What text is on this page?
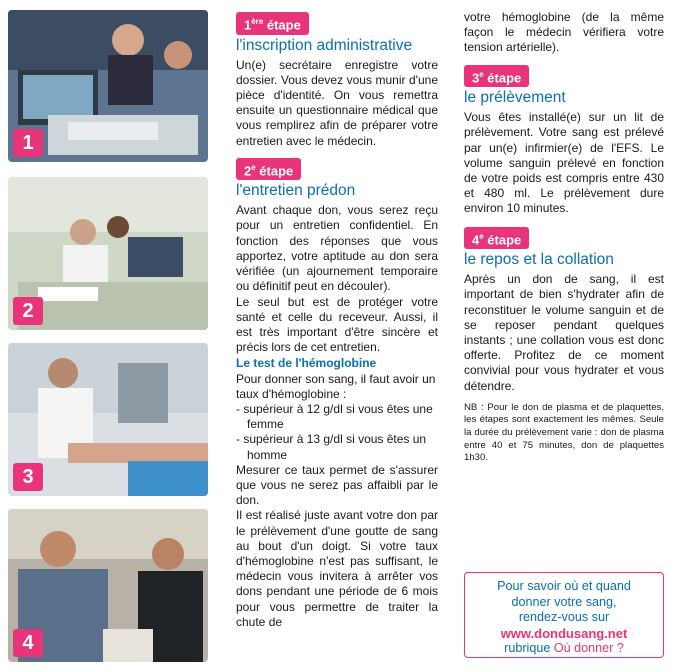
1
2
3
4
1ère étape
l'inscription administrative

Un(e) secrétaire enregistre votre dossier. Vous devez vous munir d'une pièce d'identité. On vous remettra ensuite un questionnaire médical que vous remplirez afin de préparer votre entretien avec le médecin.

2e étape
l'entretien prédon

Avant chaque don, vous serez reçu pour un entretien confidentiel. En fonction des réponses que vous apportez, votre aptitude au don sera vérifiée (un ajournement temporaire ou définitif peut en découler).

Le seul but est de protéger votre santé et celle du receveur. Aussi, il est très important d'être sincère et précis lors de cet entretien.

Le test de l'hémoglobine

Pour donner son sang, il faut avoir un taux d'hémoglobine :

- supérieur à 12 g/dl si vous êtes une femme
- supérieur à 13 g/dl si vous êtes un homme

Mesurer ce taux permet de s'assurer que vous ne serez pas affaibli par le don.

Il est réalisé juste avant votre don par le prélèvement d'une goutte de sang au bout d'un doigt. Si votre taux d'hémoglobine n'est pas suffisant, le médecin vous invitera à arrêter vos dons pendant une période de 6 mois pour vous permettre de traiter la chute de

votre hémoglobine (de la même façon le médecin vérifiera votre tension artérielle).

3e étape
le prélèvement

Vous êtes installé(e) sur un lit de prélèvement. Votre sang est prélevé par un(e) infirmier(e) de l'EFS. Le volume sanguin prélevé en fonction de votre poids est compris entre 430 et 480 ml. Le prélèvement dure environ 10 minutes.

4e étape
le repos et la collation

Après un don de sang, il est important de bien s'hydrater afin de reconstituer le volume sanguin et de se reposer pendant quelques instants ; une collation vous est donc offerte. Profitez de ce moment convivial pour vous hydrater et vous détendre.

NB : Pour le don de plasma et de plaquettes, les étapes sont exactement les mêmes. Seule la durée du prélèvement varie : don de plasma entre 40 et 75 minutes, don de plaquettes 1h30.

Pour savoir où et quand
donner votre sang,
rendez-vous sur
www.dondusang.net
rubrique Où donner ?
